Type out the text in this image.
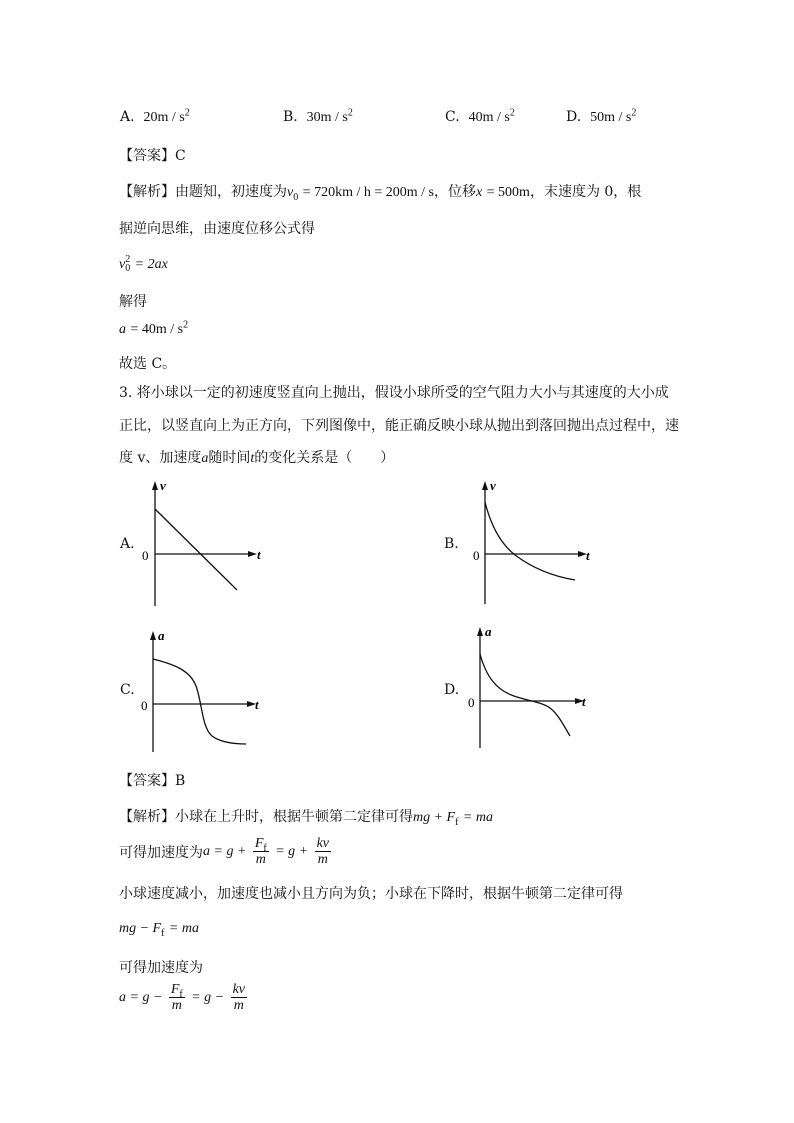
A. $20m / s^2$	B. $30m / s^2$	C. $40m / s^2$	D. $50m / s^2$
【答案】C
【解析】由题知，初速度为$v_0 = 720km / h = 200m / s$，位移x = 500m，末速度为 0，根
据逆向思维，由速度位移公式得
v 2
0 = 2ax
解得
$a = 40m / s^2$
故选 C。
3. 将小球以一定的初速度竖直向上抛出，假设小球所受的空气阻力大小与其速度的大小成
正比，以竖直向上为正方向，下列图像中，能正确反映小球从抛出到落回抛出点过程中，速
度 v、加速度a随时间t的变化关系是（　　）
A.
v
t
0
B.
v
t
0
C.
a
t
0
D.
a
t
0
【答案】B
【解析】小球在上升时，根据牛顿第二定律可得mg + $F_f$ = ma
可得加速度为$a = g + \frac{F_f}{m} = g + \frac{kv}{m}$
小球速度减小，加速度也减小且方向为负；小球在下降时，根据牛顿第二定律可得
mg − $F_f$ = ma
可得加速度为
$a = g - \frac{F_f}{m} = g - \frac{kv}{m}$
